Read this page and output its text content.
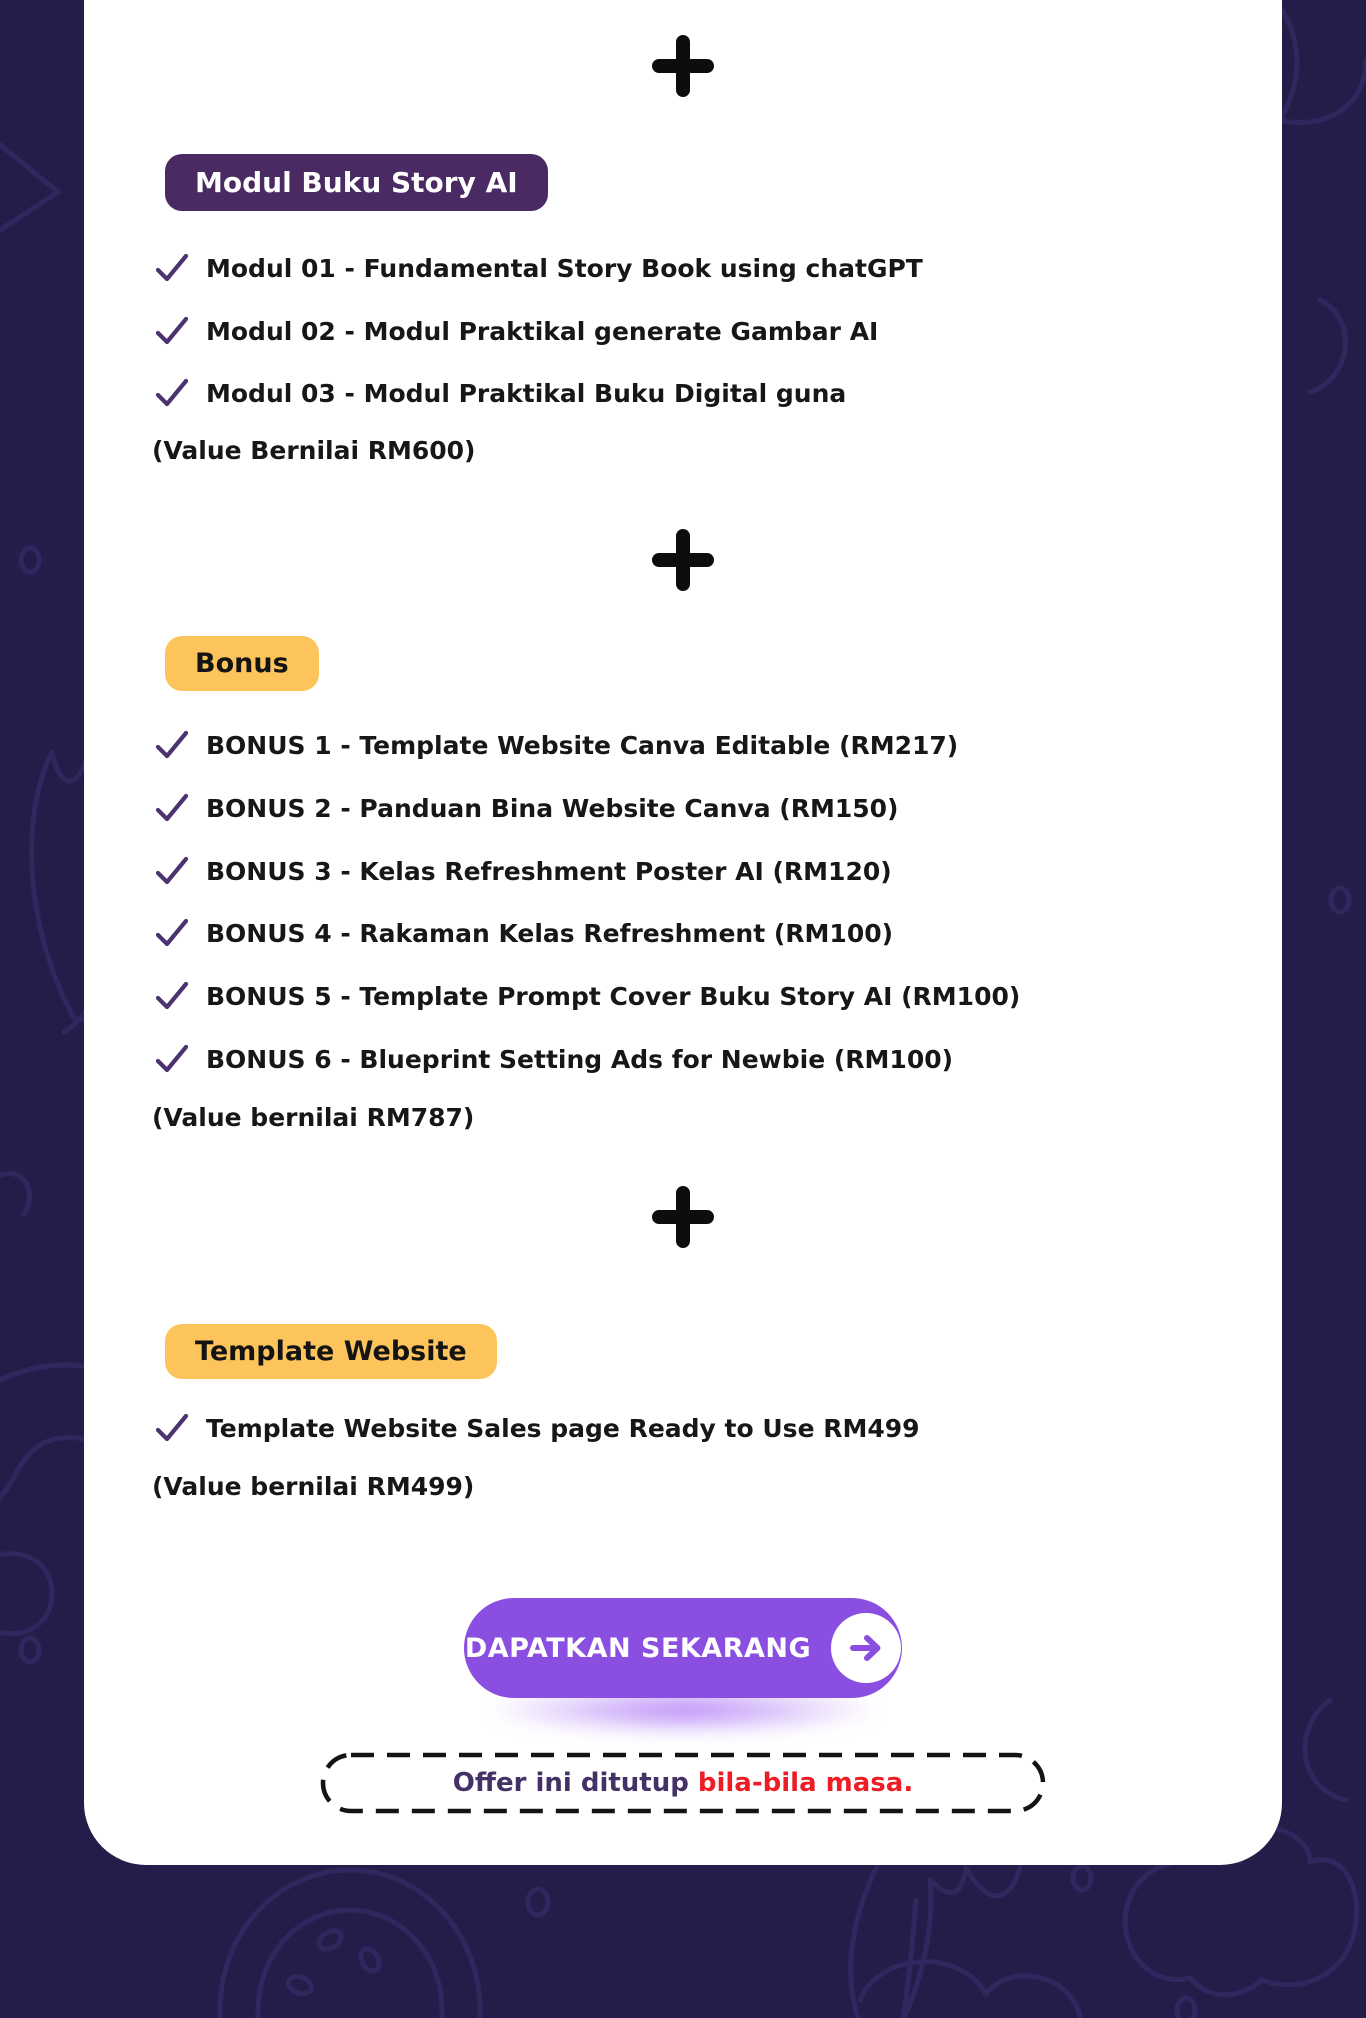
Modul Buku Story AI
Modul 01 - Fundamental Story Book using chatGPT
Modul 02 - Modul Praktikal generate Gambar AI
Modul 03 - Modul Praktikal Buku Digital guna
(Value Bernilai RM600)
Bonus
BONUS 1 - Template Website Canva Editable (RM217)
BONUS 2 - Panduan Bina Website Canva (RM150)
BONUS 3 - Kelas Refreshment Poster AI (RM120)
BONUS 4 - Rakaman Kelas Refreshment (RM100)
BONUS 5 - Template Prompt Cover Buku Story AI (RM100)
BONUS 6 - Blueprint Setting Ads for Newbie (RM100)
(Value bernilai RM787)
Template Website
Template Website Sales page Ready to Use RM499
(Value bernilai RM499)
DAPATKAN SEKARANG
Offer ini ditutup bila-bila masa.
